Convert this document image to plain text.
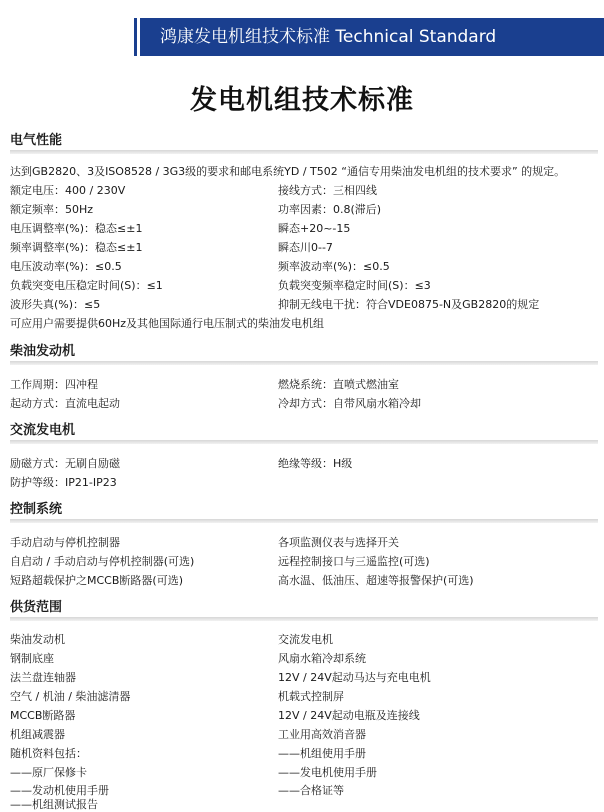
鸿康发电机组技术标准 Technical Standard
发电机组技术标准
电气性能
达到GB2820、3及ISO8528 / 3G3级的要求和邮电系统YD / T502 “通信专用柴油发电机组的技术要求” 的规定。
额定电压：400 / 230V
额定频率：50Hz
电压调整率(%)：稳态≤±1
频率调整率(%)：稳态≤±1
电压波动率(%)：≤0.5
负载突变电压稳定时间(S)：≤1
波形失真(%)：≤5
接线方式：三相四线
功率因素：0.8(滞后)
瞬态+20~-15
瞬态川0--7
频率波动率(%)：≤0.5
负载突变频率稳定时间(S)：≤3
抑制无线电干扰：符合VDE0875-N及GB2820的规定
可应用户需要提供60Hz及其他国际通行电压制式的柴油发电机组
柴油发动机
工作周期：四冲程
起动方式：直流电起动
燃烧系统：直喷式燃油室
冷却方式：自带风扇水箱冷却
交流发电机
励磁方式：无刷自励磁
防护等级：IP21-IP23
绝缘等级：H级
控制系统
手动启动与停机控制器
自启动 / 手动启动与停机控制器(可选)
短路超载保护之MCCB断路器(可选)
各项监测仪表与选择开关
远程控制接口与三遥监控(可选)
高水温、低油压、超速等报警保护(可选)
供货范围
柴油发动机
钢制底座
法兰盘连轴器
空气 / 机油 / 柴油滤清器
MCCB断路器
机组减震器
随机资料包括：
——原厂保修卡
——发动机使用手册
——机组测试报告
交流发电机
风扇水箱冷却系统
12V / 24V起动马达与充电电机
机载式控制屏
12V / 24V起动电瓶及连接线
工业用高效消音器
——机组使用手册
——发电机使用手册
——合格证等
